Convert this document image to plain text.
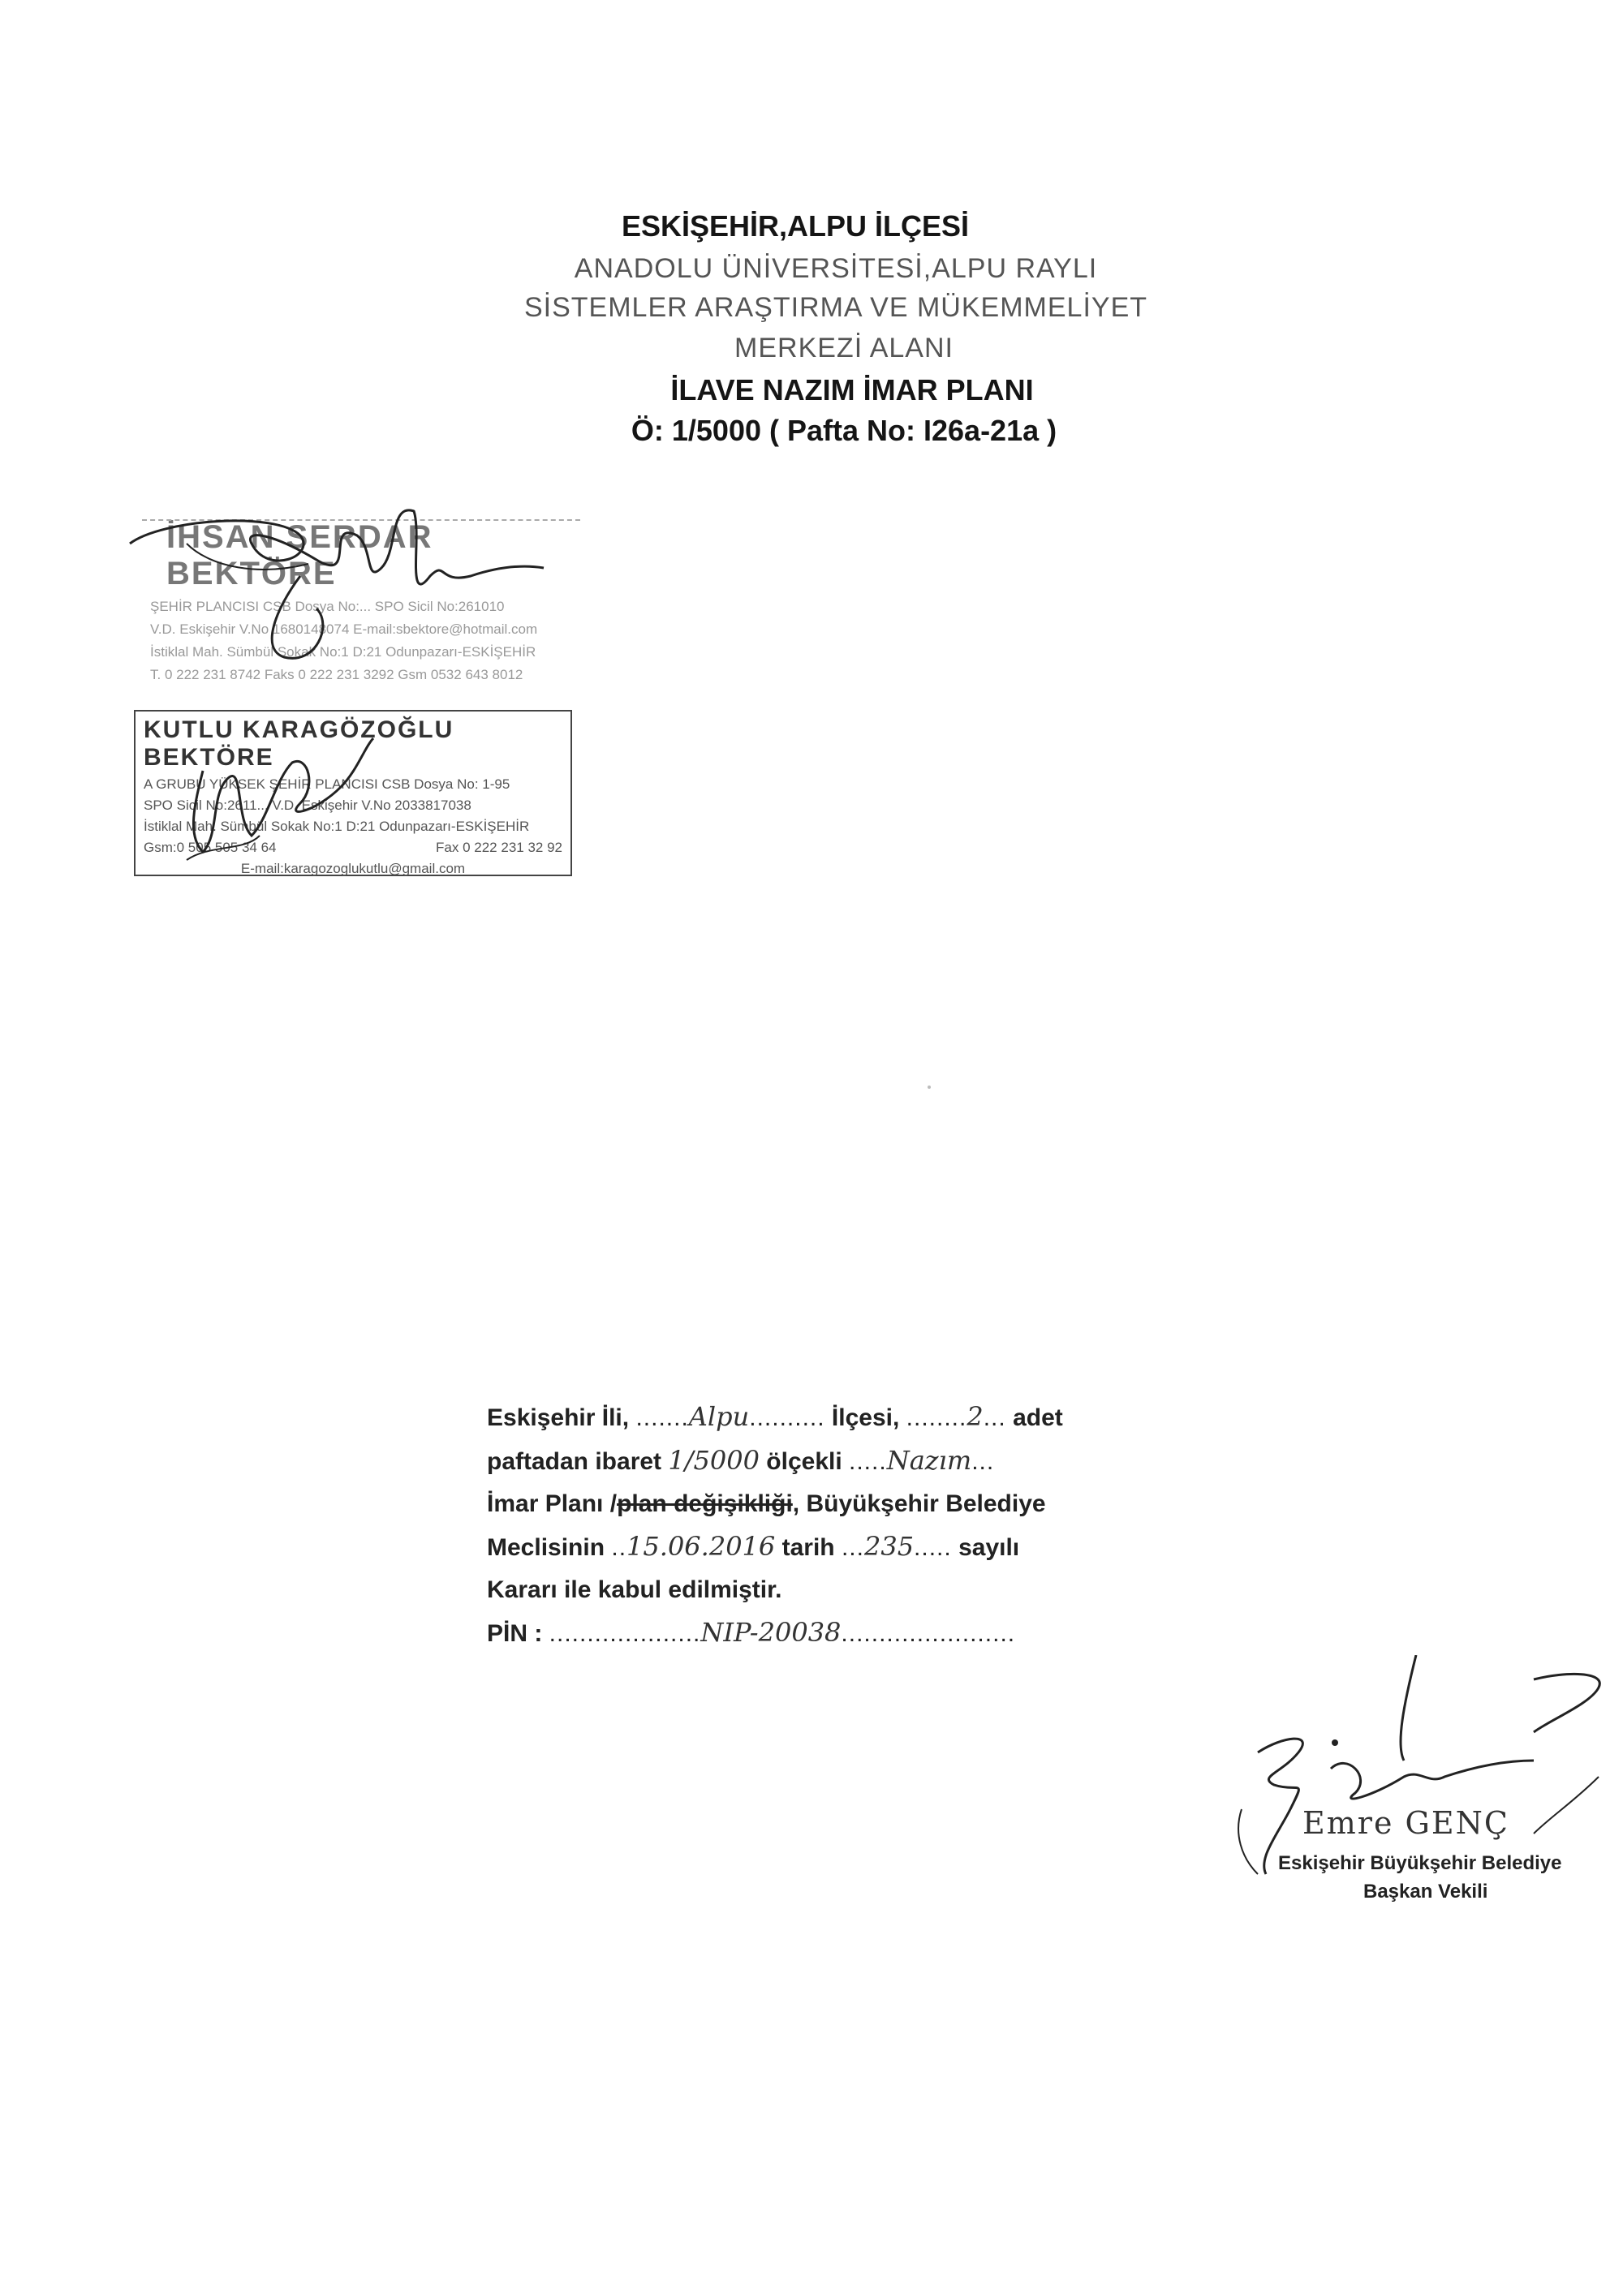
ESKİŞEHİR,ALPU İLÇESİ
ANADOLU ÜNİVERSİTESİ,ALPU RAYLI
SİSTEMLER ARAŞTIRMA VE MÜKEMMELİYET
MERKEZİ ALANI
İLAVE NAZIM İMAR PLANI
Ö: 1/5000 ( Pafta No: I26a-21a )
İHSAN SERDAR BEKTÖRE
ŞEHİR PLANCISI CSB Dosya No:... SPO Sicil No:261010
V.D. Eskişehir V.No 1680148074 E-mail:sbektore@hotmail.com
İstiklal Mah. Sümbül Sokak No:1 D:21 Odunpazarı-ESKİŞEHİR
T. 0 222 231 8742 Faks 0 222 231 3292 Gsm 0532 643 8012
KUTLU KARAGÖZOĞLU BEKTÖRE
A GRUBU YÜKSEK ŞEHİR PLANCISI CSB Dosya No: 1-95
SPO Sicil No:2611... V.D. Eskişehir V.No 2033817038
İstiklal Mah. Sümbül Sokak No:1 D:21 Odunpazarı-ESKİŞEHİR
Gsm:0 505 505 34 64	Fax 0 222 231 32 92
E-mail:karagozoglukutlu@gmail.com
Eskişehir İli, .......Alpu.......... İlçesi, ........2... adet
paftadan ibaret 1/5000 ölçekli .....Nazım...
İmar Planı /plan değişikliği, Büyükşehir Belediye
Meclisinin ..15.06.2016 tarih ...235..... sayılı
Kararı ile kabul edilmiştir.
PİN : ....................NIP-20038.......................
Emre GENÇ
Eskişehir Büyükşehir Belediye
Başkan Vekili
